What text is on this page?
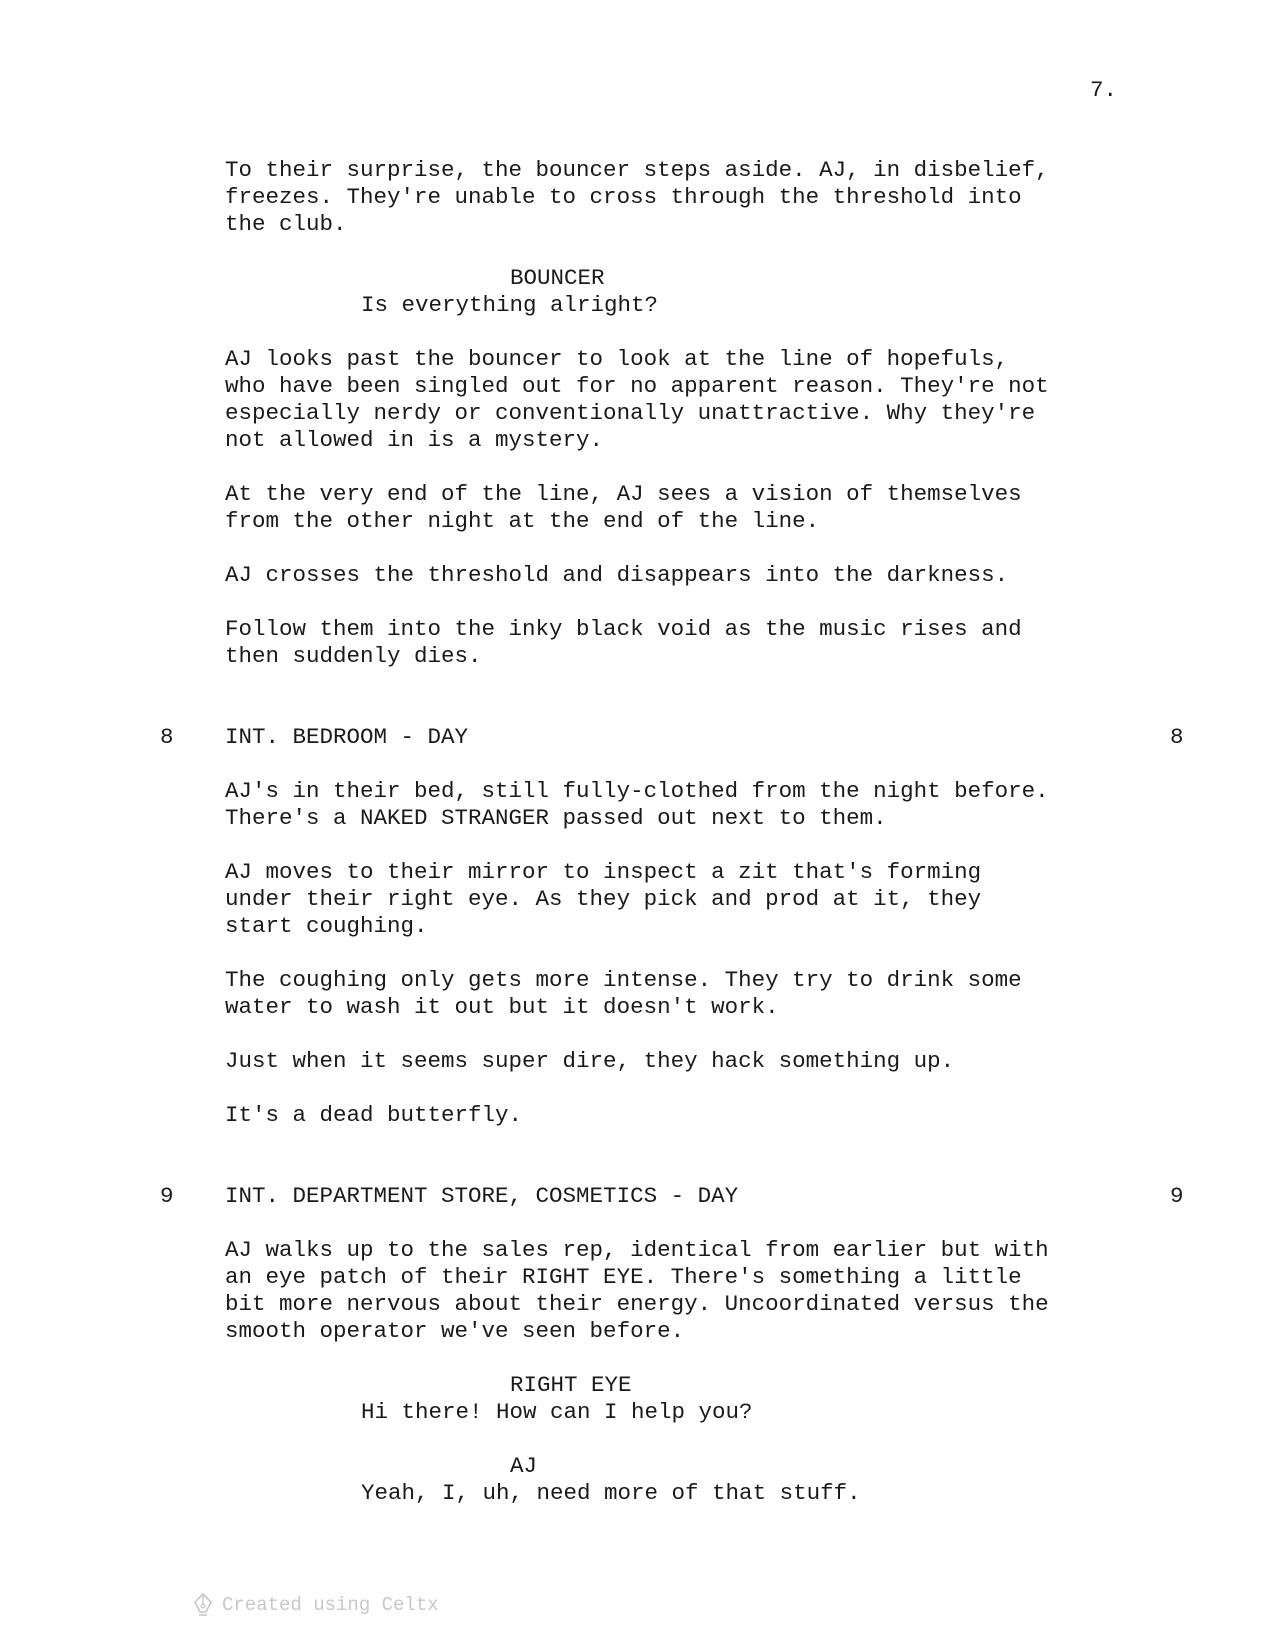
7.
To their surprise, the bouncer steps aside. AJ, in disbelief,
freezes. They're unable to cross through the threshold into
the club.
BOUNCER
Is everything alright?
AJ looks past the bouncer to look at the line of hopefuls,
who have been singled out for no apparent reason. They're not
especially nerdy or conventionally unattractive. Why they're
not allowed in is a mystery.
At the very end of the line, AJ sees a vision of themselves
from the other night at the end of the line.
AJ crosses the threshold and disappears into the darkness.
Follow them into the inky black void as the music rises and
then suddenly dies.
8 INT. BEDROOM - DAY	8
AJ's in their bed, still fully-clothed from the night before.
There's a NAKED STRANGER passed out next to them.
AJ moves to their mirror to inspect a zit that's forming
under their right eye. As they pick and prod at it, they
start coughing.
The coughing only gets more intense. They try to drink some
water to wash it out but it doesn't work.
Just when it seems super dire, they hack something up.
It's a dead butterfly.
9 INT. DEPARTMENT STORE, COSMETICS - DAY	9
AJ walks up to the sales rep, identical from earlier but with
an eye patch of their RIGHT EYE. There's something a little
bit more nervous about their energy. Uncoordinated versus the
smooth operator we've seen before.
RIGHT EYE
Hi there! How can I help you?
AJ
Yeah, I, uh, need more of that stuff.
Created using Celtx
